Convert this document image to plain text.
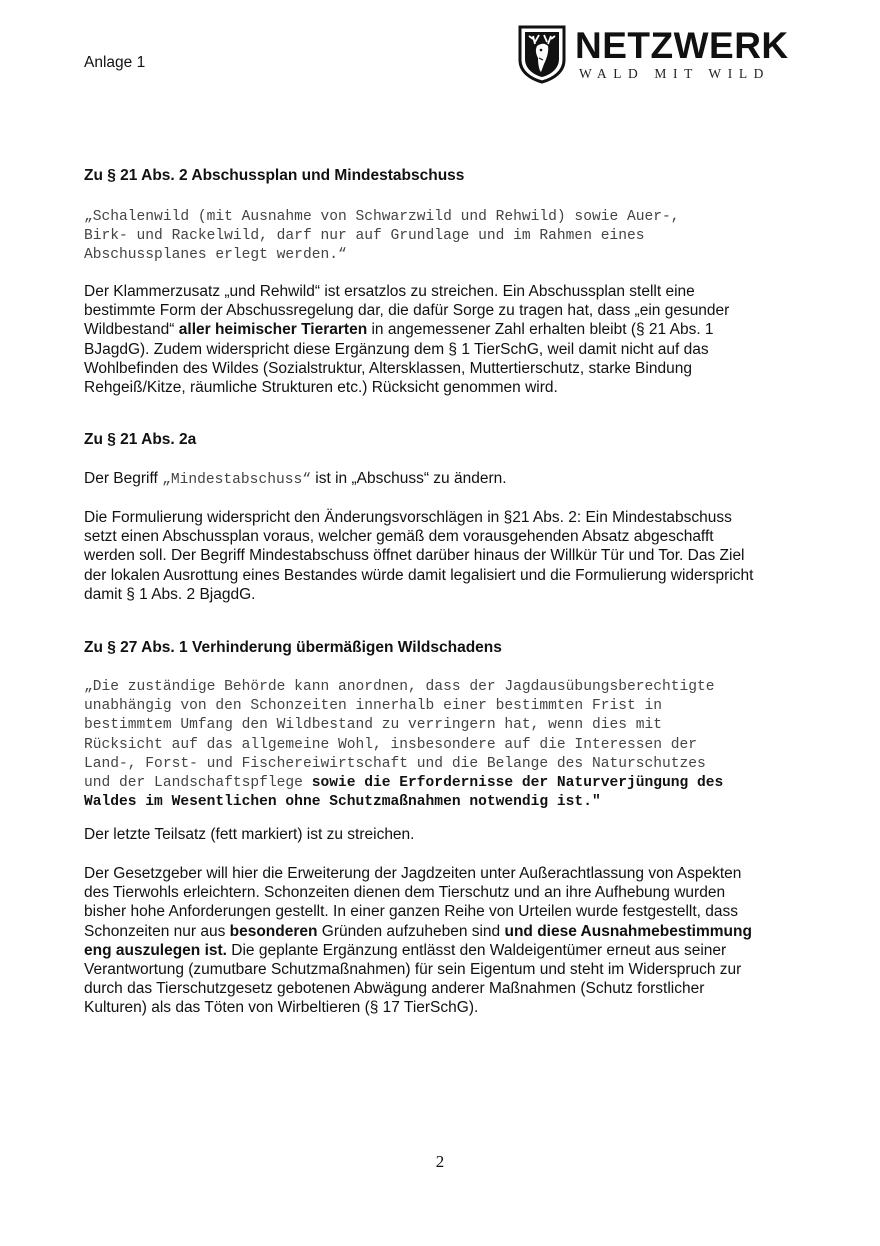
Anlage 1	NETZWERK
WALD MIT WILD

Zu § 21 Abs. 2 Abschussplan und Mindestabschuss

„Schalenwild (mit Ausnahme von Schwarzwild und Rehwild) sowie Auer-,

Birk- und Rackelwild, darf nur auf Grundlage und im Rahmen eines

Abschussplanes erlegt werden.“

Der Klammerzusatz „und Rehwild“ ist ersatzlos zu streichen. Ein Abschussplan stellt eine

bestimmte Form der Abschussregelung dar, die dafür Sorge zu tragen hat, dass „ein gesunder

Wildbestand“ aller heimischer Tierarten in angemessener Zahl erhalten bleibt (§ 21 Abs. 1

BJagdG). Zudem widerspricht diese Ergänzung dem § 1 TierSchG, weil damit nicht auf das

Wohlbefinden des Wildes (Sozialstruktur, Altersklassen, Muttertierschutz, starke Bindung

Rehgeiß/Kitze, räumliche Strukturen etc.) Rücksicht genommen wird.

Zu § 21 Abs. 2a

Der Begriff „Mindestabschuss“ ist in „Abschuss“ zu ändern.

Die Formulierung widerspricht den Änderungsvorschlägen in §21 Abs. 2: Ein Mindestabschuss

setzt einen Abschussplan voraus, welcher gemäß dem vorausgehenden Absatz abgeschafft

werden soll. Der Begriff Mindestabschuss öffnet darüber hinaus der Willkür Tür und Tor. Das Ziel

der lokalen Ausrottung eines Bestandes würde damit legalisiert und die Formulierung widerspricht

damit § 1 Abs. 2 BjagdG.

Zu § 27 Abs. 1 Verhinderung übermäßigen Wildschadens

„Die zuständige Behörde kann anordnen, dass der Jagdausübungsberechtigte

unabhängig von den Schonzeiten innerhalb einer bestimmten Frist in

bestimmtem Umfang den Wildbestand zu verringern hat, wenn dies mit

Rücksicht auf das allgemeine Wohl, insbesondere auf die Interessen der

Land-, Forst- und Fischereiwirtschaft und die Belange des Naturschutzes

und der Landschaftspflege sowie die Erfordernisse der Naturverjüngung des

Waldes im Wesentlichen ohne Schutzmaßnahmen notwendig ist."

Der letzte Teilsatz (fett markiert) ist zu streichen.

Der Gesetzgeber will hier die Erweiterung der Jagdzeiten unter Außerachtlassung von Aspekten

des Tierwohls erleichtern. Schonzeiten dienen dem Tierschutz und an ihre Aufhebung wurden

bisher hohe Anforderungen gestellt. In einer ganzen Reihe von Urteilen wurde festgestellt, dass

Schonzeiten nur aus besonderen Gründen aufzuheben sind und diese Ausnahmebestimmung

eng auszulegen ist. Die geplante Ergänzung entlässt den Waldeigentümer erneut aus seiner

Verantwortung (zumutbare Schutzmaßnahmen) für sein Eigentum und steht im Widerspruch zur

durch das Tierschutzgesetz gebotenen Abwägung anderer Maßnahmen (Schutz forstlicher

Kulturen) als das Töten von Wirbeltieren (§ 17 TierSchG).

2
